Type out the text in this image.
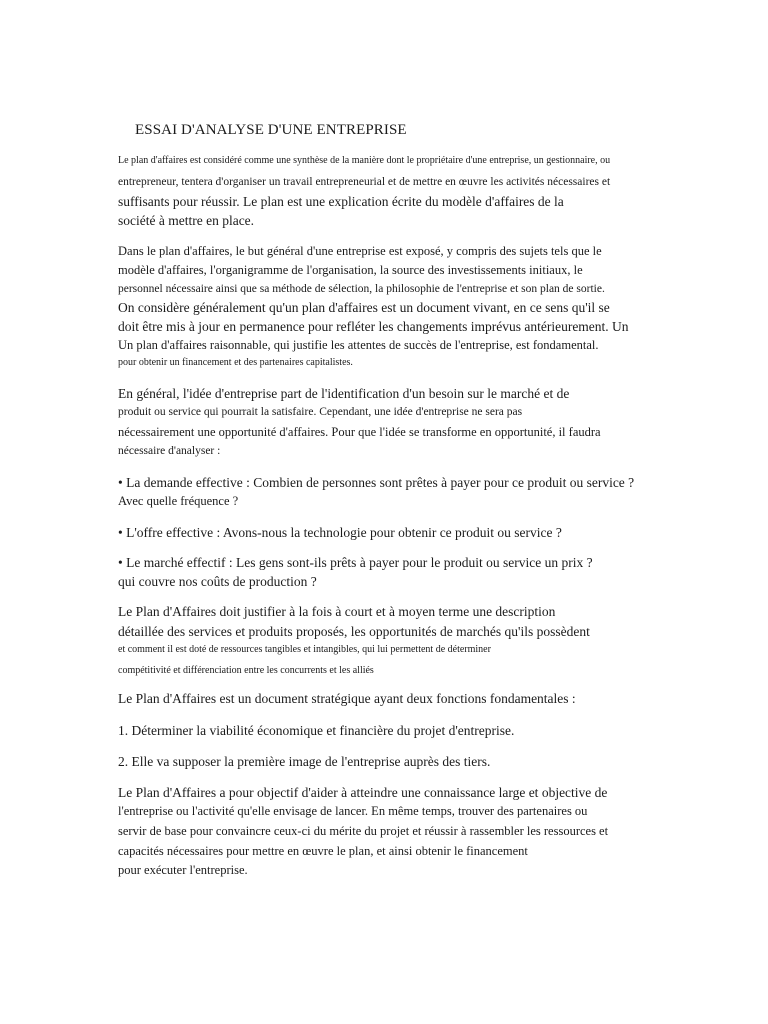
ESSAI D'ANALYSE D'UNE ENTREPRISE
Le plan d'affaires est considéré comme une synthèse de la manière dont le propriétaire d'une entreprise, un gestionnaire, ou
entrepreneur, tentera d'organiser un travail entrepreneurial et de mettre en œuvre les activités nécessaires et
suffisants pour réussir. Le plan est une explication écrite du modèle d'affaires de la
société à mettre en place.
Dans le plan d'affaires, le but général d'une entreprise est exposé, y compris des sujets tels que le
modèle d'affaires, l'organigramme de l'organisation, la source des investissements initiaux, le
personnel nécessaire ainsi que sa méthode de sélection, la philosophie de l'entreprise et son plan de sortie.
On considère généralement qu'un plan d'affaires est un document vivant, en ce sens qu'il se
doit être mis à jour en permanence pour refléter les changements imprévus antérieurement. Un
Un plan d'affaires raisonnable, qui justifie les attentes de succès de l'entreprise, est fondamental.
pour obtenir un financement et des partenaires capitalistes.
En général, l'idée d'entreprise part de l'identification d'un besoin sur le marché et de
produit ou service qui pourrait la satisfaire. Cependant, une idée d'entreprise ne sera pas
nécessairement une opportunité d'affaires. Pour que l'idée se transforme en opportunité, il faudra
nécessaire d'analyser :
• La demande effective : Combien de personnes sont prêtes à payer pour ce produit ou service ?
Avec quelle fréquence ?
• L'offre effective : Avons-nous la technologie pour obtenir ce produit ou service ?
• Le marché effectif : Les gens sont-ils prêts à payer pour le produit ou service un prix ?
qui couvre nos coûts de production ?
Le Plan d'Affaires doit justifier à la fois à court et à moyen terme une description
détaillée des services et produits proposés, les opportunités de marchés qu'ils possèdent
et comment il est doté de ressources tangibles et intangibles, qui lui permettent de déterminer
compétitivité et différenciation entre les concurrents et les alliés
Le Plan d'Affaires est un document stratégique ayant deux fonctions fondamentales :
1. Déterminer la viabilité économique et financière du projet d'entreprise.
2. Elle va supposer la première image de l'entreprise auprès des tiers.
Le Plan d'Affaires a pour objectif d'aider à atteindre une connaissance large et objective de
l'entreprise ou l'activité qu'elle envisage de lancer. En même temps, trouver des partenaires ou
servir de base pour convaincre ceux-ci du mérite du projet et réussir à rassembler les ressources et
capacités nécessaires pour mettre en œuvre le plan, et ainsi obtenir le financement
pour exécuter l'entreprise.
